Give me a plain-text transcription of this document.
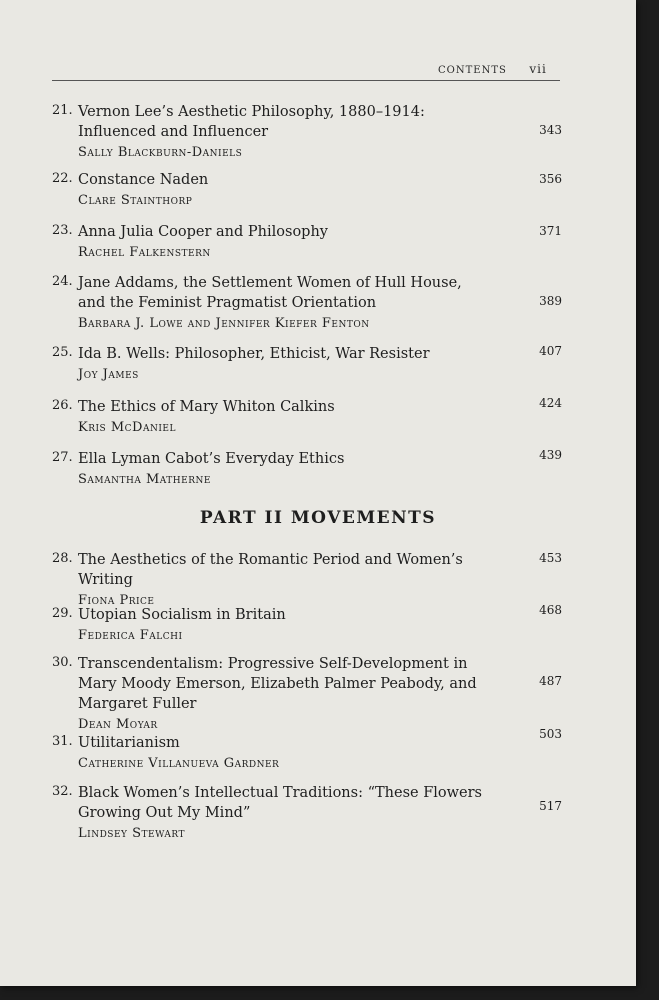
CONTENTS vii
21. Vernon Lee’s Aesthetic Philosophy, 1880–1914: Influenced and Influencer
Sally Blackburn-Daniels
343
22. Constance Naden
Clare Stainthorp
356
23. Anna Julia Cooper and Philosophy
Rachel Falkenstern
371
24. Jane Addams, the Settlement Women of Hull House, and the Feminist Pragmatist Orientation
Barbara J. Lowe and Jennifer Kiefer Fenton
389
25. Ida B. Wells: Philosopher, Ethicist, War Resister
Joy James
407
26. The Ethics of Mary Whiton Calkins
Kris McDaniel
424
27. Ella Lyman Cabot’s Everyday Ethics
Samantha Matherne
439
PART II MOVEMENTS
28. The Aesthetics of the Romantic Period and Women’s Writing
Fiona Price
453
29. Utopian Socialism in Britain
Federica Falchi
468
30. Transcendentalism: Progressive Self-Development in Mary Moody Emerson, Elizabeth Palmer Peabody, and Margaret Fuller
Dean Moyar
487
31. Utilitarianism
Catherine Villanueva Gardner
503
32. Black Women’s Intellectual Traditions: “These Flowers Growing Out My Mind”
Lindsey Stewart
517
